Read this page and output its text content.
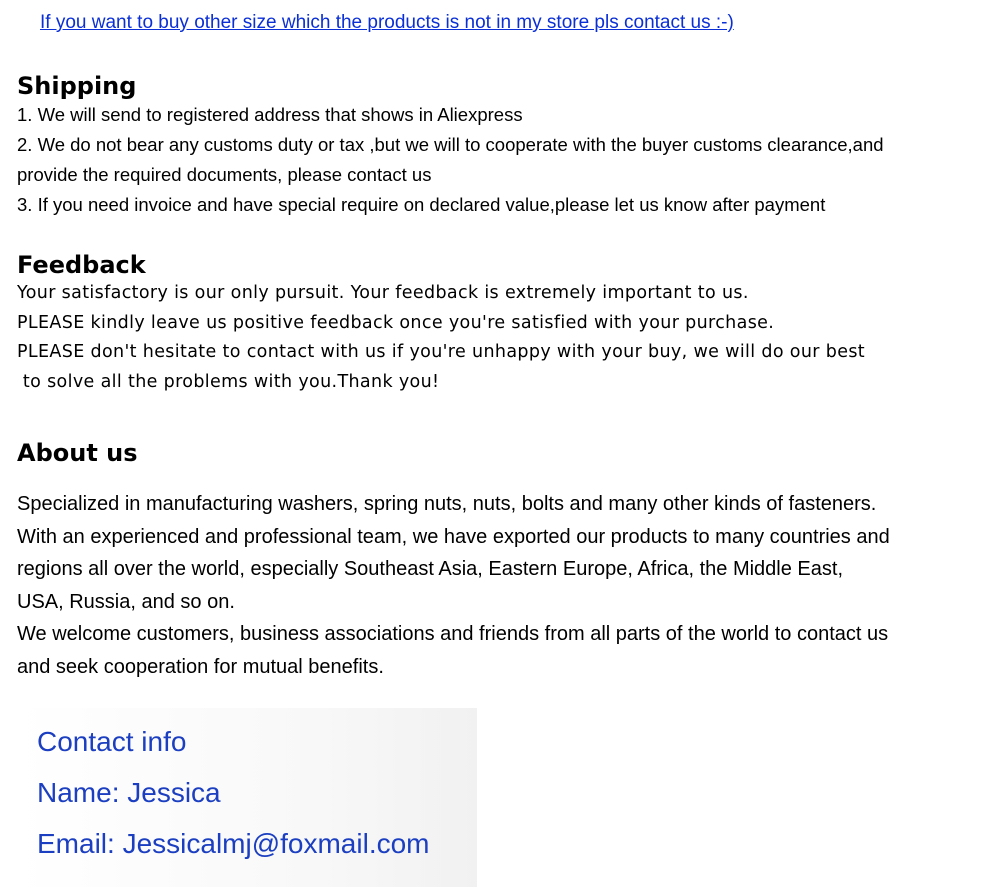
If you want to buy other size which the products is not in my store pls contact us :-)
Shipping

1. We will send to registered address that shows in Aliexpress

2. We do not bear any customs duty or tax ,but we will to cooperate with the buyer customs clearance,and

provide the required documents, please contact us

3. If you need invoice and have special require on declared value,please let us know after payment

Feedback

Your satisfactory is our only pursuit. Your feedback is extremely important to us.

PLEASE kindly leave us positive feedback once you're satisfied with your purchase.

PLEASE don't hesitate to contact with us if you're unhappy with your buy, we will do our best

to solve all the problems with you.Thank you!

About us

Specialized in manufacturing washers, spring nuts, nuts, bolts and many other kinds of fasteners.

With an experienced and professional team, we have exported our products to many countries and

regions all over the world, especially Southeast Asia, Eastern Europe, Africa, the Middle East,

USA, Russia, and so on.

We welcome customers, business associations and friends from all parts of the world to contact us

and seek cooperation for mutual benefits.

Contact info

Name: Jessica

Email: Jessicalmj@foxmail.com
